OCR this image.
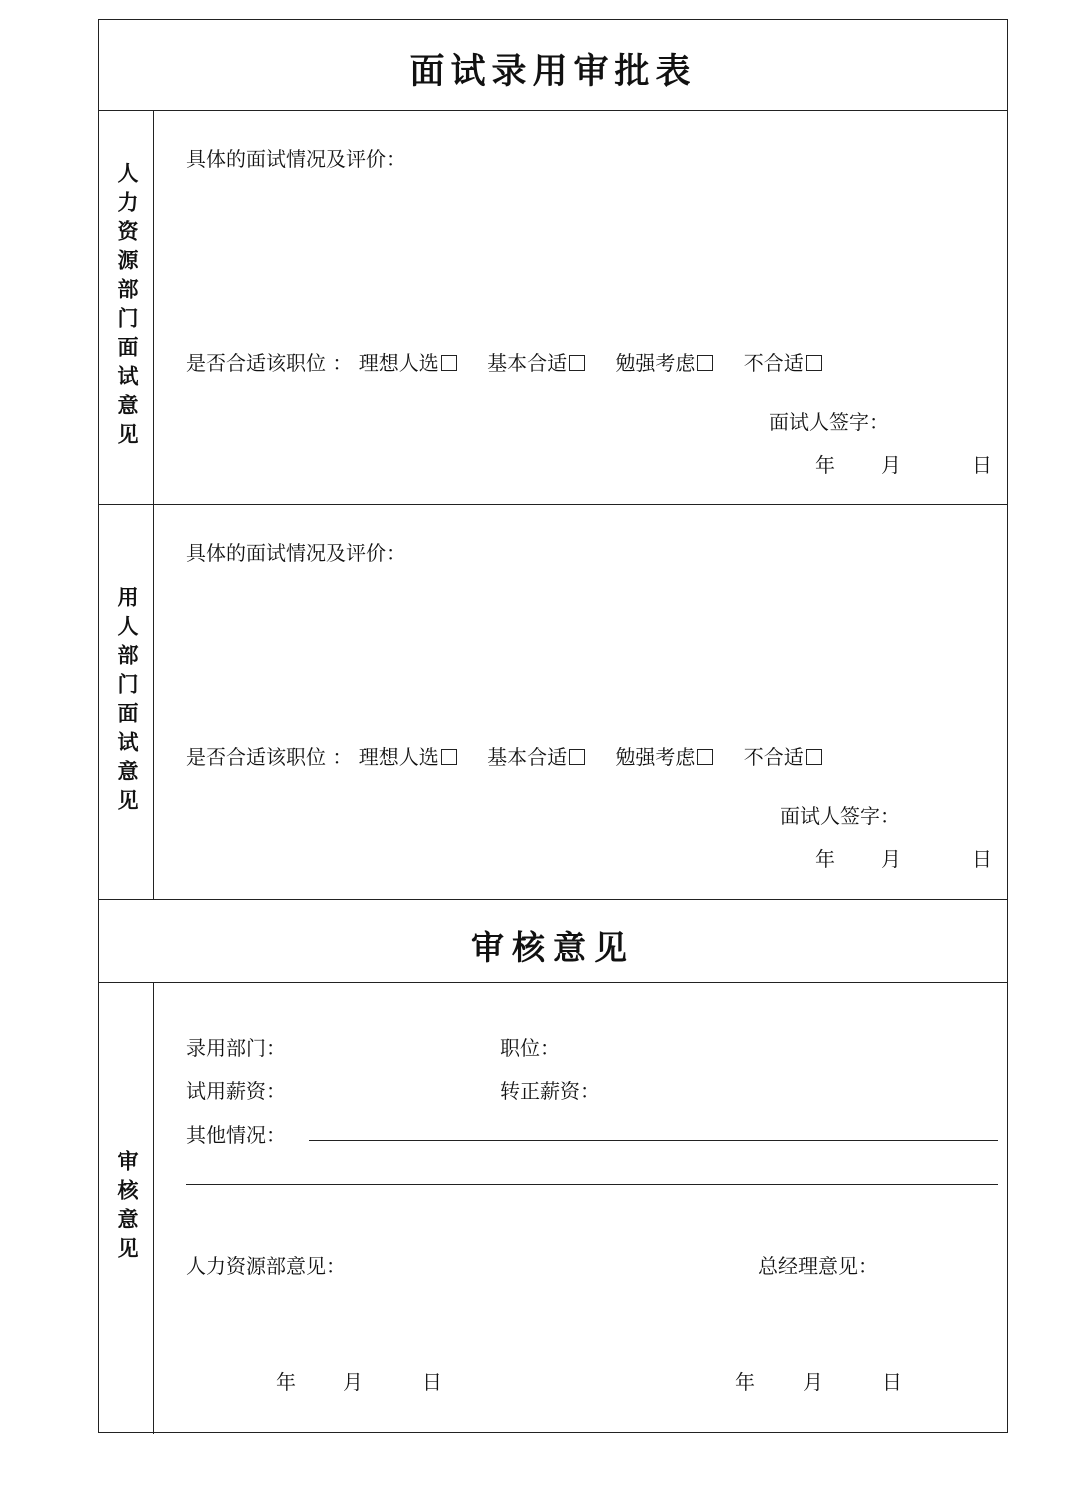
面试录用审批表
人力资源部门面试意见
具体的面试情况及评价：
是否合适该职位 ： 理想人选 基本合适 勉强考虑 不合适
面试人签字：
年 月	日
用人部门面试意见
具体的面试情况及评价：
是否合适该职位 ： 理想人选 基本合适 勉强考虑 不合适
面试人签字：
年 月	日
审核意见
审核意见
录用部门：	职位：
试用薪资：	转正薪资：
其他情况：
人力资源部意见：	总经理意见：
年 月	日	年 月	日
